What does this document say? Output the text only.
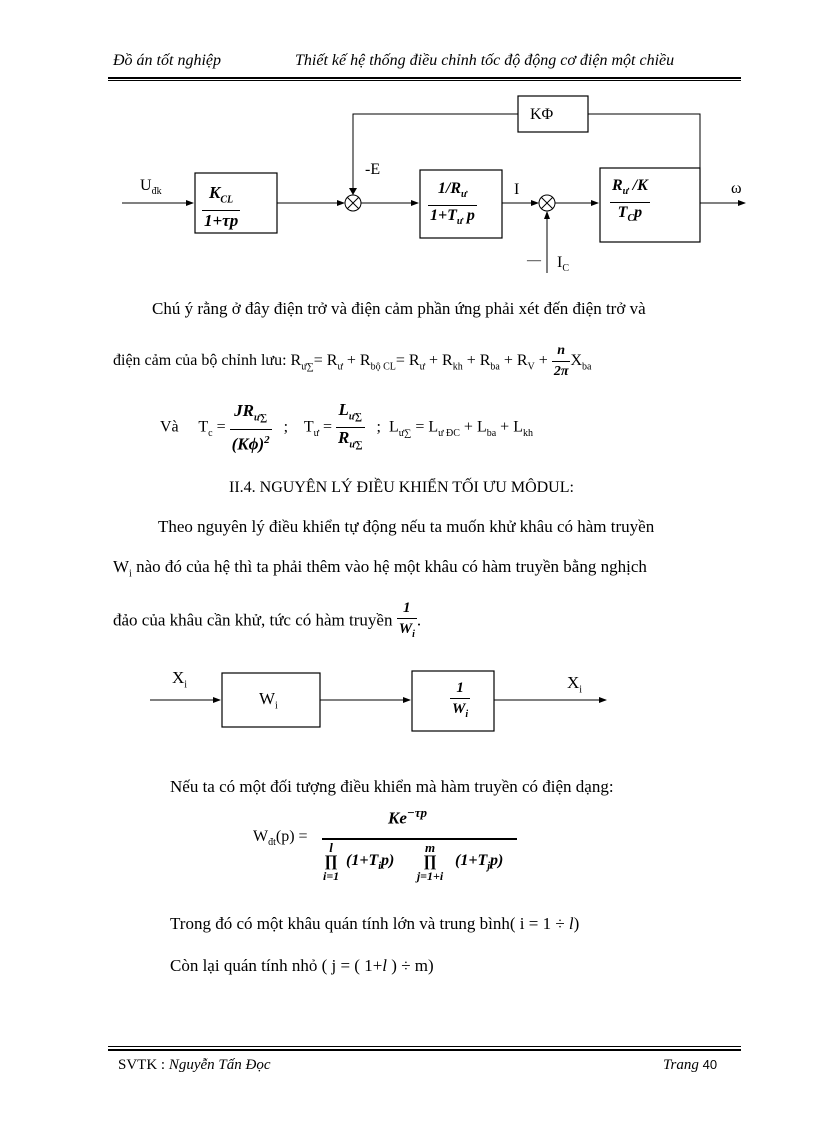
Đồ án tốt nghiệp	Thiết kế hệ thống điều chỉnh tốc độ động cơ điện một chiều
KΦ
$U_{đk} \frac{K_{CL}}{1+\tau p}$
-E
$\frac{1/R_ư}{1+T_ư p}$ I	$\frac{R_ư /K}{T_Cp}$	ω
— $I_C$
Chú ý rằng ở đây điện trở và điện cảm phần ứng phải xét đến điện trở và
điện cảm của bộ chỉnh lưu: $R_{ư\sum}= R_ư + R_{bộ CL}= R_ư + R_{kh} + R_{ba} + R_V + \frac{n}{2\pi} X_{ba}$
Và $T_c = \frac{JR_{ư\sum}}{(K\phi)^2}$ ; $T_ư = \frac{L_{ư\sum}}{R_{ư\sum}}$ ; $L_{ư\sum} = L_{ư ĐC} + L_{ba} + L_{kh}$
II.4. NGUYÊN LÝ ĐIỀU KHIỂN TỐI ƯU MÔDUL:
Theo nguyên lý điều khiển tự động nếu ta muốn khử khâu có hàm truyền
$W_i$ nào đó của hệ thì ta phải thêm vào hệ một khâu có hàm truyền bằng nghịch
đảo của khâu cần khử, tức có hàm truyền $\frac{1}{W_i}$ .
$X_i$
$W_i$	$\frac{1}{W_i}$	$X_i$
Nếu ta có một đối tượng điều khiển mà hàm truyền có điện dạng:
$W_{đt}(p)$ =
$Ke^{-\tau p}$
l
∏
i=1
$(1+T_ip)$
m
∏
j=1+i
$(1+T_jp)$
Trong đó có một khâu quán tính lớn và trung bình( i = 1 ÷ l)
Còn lại quán tính nhỏ ( j = ( 1+l ) ÷ m)
SVTK : Nguyễn Tấn Đọc	Trang 40
